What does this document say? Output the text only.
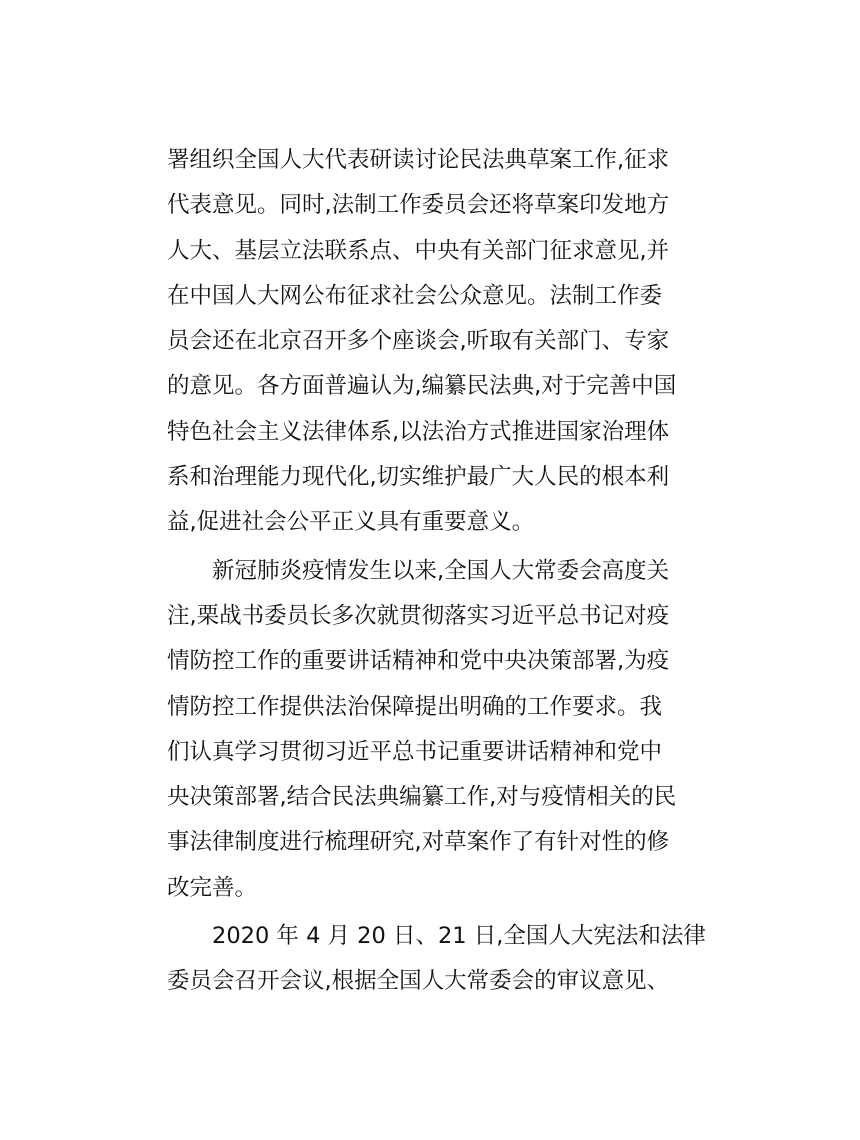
署组织全国人大代表研读讨论民法典草案工作,征求
代表意见。同时,法制工作委员会还将草案印发地方
人大、基层立法联系点、中央有关部门征求意见,并
在中国人大网公布征求社会公众意见。法制工作委
员会还在北京召开多个座谈会,听取有关部门、专家
的意见。各方面普遍认为,编纂民法典,对于完善中国
特色社会主义法律体系,以法治方式推进国家治理体
系和治理能力现代化,切实维护最广大人民的根本利
益,促进社会公平正义具有重要意义。
新冠肺炎疫情发生以来,全国人大常委会高度关
注,栗战书委员长多次就贯彻落实习近平总书记对疫
情防控工作的重要讲话精神和党中央决策部署,为疫
情防控工作提供法治保障提出明确的工作要求。我
们认真学习贯彻习近平总书记重要讲话精神和党中
央决策部署,结合民法典编纂工作,对与疫情相关的民
事法律制度进行梳理研究,对草案作了有针对性的修
改完善。
2020 年 4 月 20 日、21 日,全国人大宪法和法律
委员会召开会议,根据全国人大常委会的审议意见、
